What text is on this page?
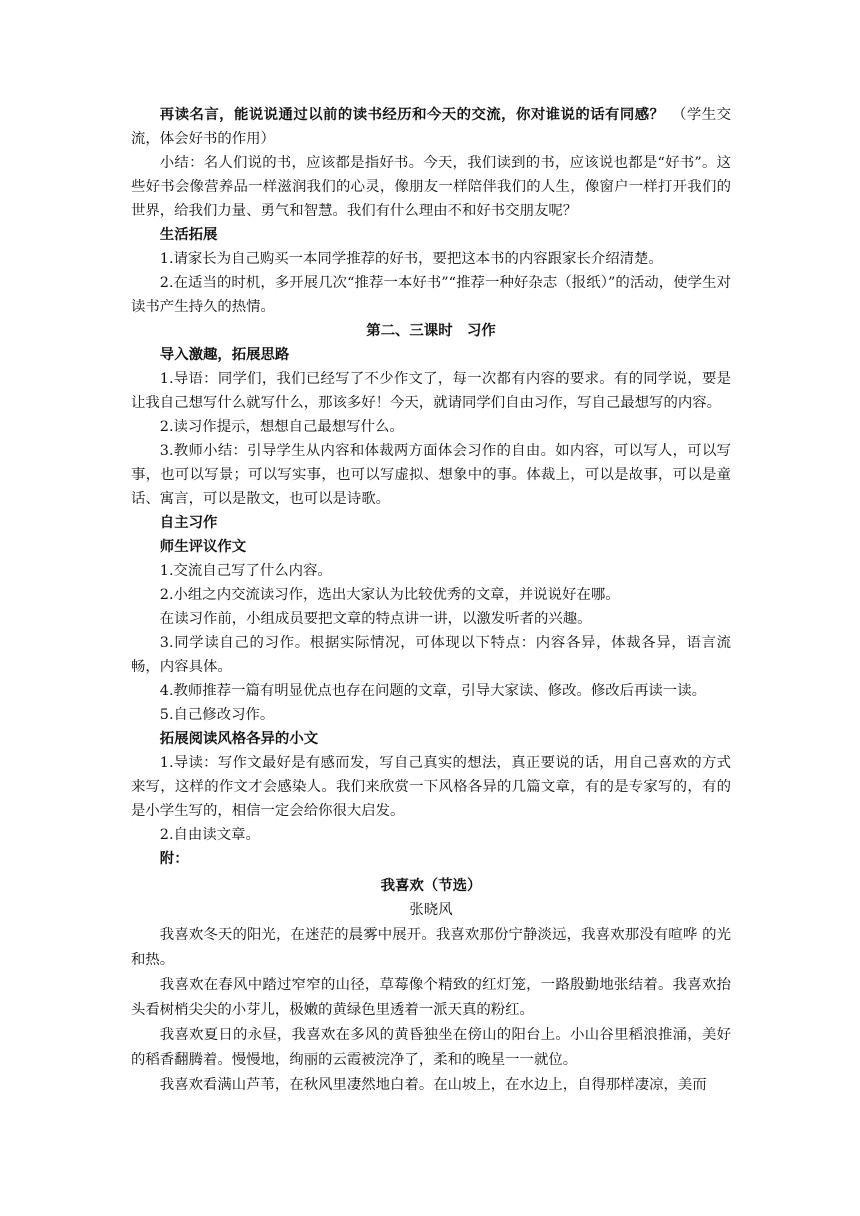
再读名言，能说说通过以前的读书经历和今天的交流，你对谁说的话有同感？　 （学生交流，体会好书的作用）

小结：名人们说的书，应该都是指好书。今天，我们读到的书，应该说也都是“好书”。这些好书会像营养品一样滋润我们的心灵，像朋友一样陪伴我们的人生，像窗户一样打开我们的世界，给我们力量、勇气和智慧。我们有什么理由不和好书交朋友呢？

生活拓展

1.请家长为自己购买一本同学推荐的好书，要把这本书的内容跟家长介绍清楚。

2.在适当的时机，多开展几次“推荐一本好书”“推荐一种好杂志（报纸）”的活动，使学生对读书产生持久的热情。

第二、三课时　习作

导入激趣，拓展思路

1.导语：同学们，我们已经写了不少作文了，每一次都有内容的要求。有的同学说，要是让我自己想写什么就写什么，那该多好！今天，就请同学们自由习作，写自己最想写的内容。

2.读习作提示，想想自己最想写什么。

3.教师小结：引导学生从内容和体裁两方面体会习作的自由。如内容，可以写人，可以写事，也可以写景；可以写实事，也可以写虚拟、想象中的事。体裁上，可以是故事，可以是童话、寓言，可以是散文，也可以是诗歌。

自主习作

师生评议作文

1.交流自己写了什么内容。

2.小组之内交流读习作，选出大家认为比较优秀的文章，并说说好在哪。

在读习作前，小组成员要把文章的特点讲一讲，以激发听者的兴趣。

3.同学读自己的习作。根据实际情况，可体现以下特点：内容各异，体裁各异，语言流畅，内容具体。

4.教师推荐一篇有明显优点也存在问题的文章，引导大家读、修改。修改后再读一读。

5.自己修改习作。

拓展阅读风格各异的小文

1.导读：写作文最好是有感而发，写自己真实的想法，真正要说的话，用自己喜欢的方式来写，这样的作文才会感染人。我们来欣赏一下风格各异的几篇文章，有的是专家写的，有的是小学生写的，相信一定会给你很大启发。

2.自由读文章。

附：

我喜欢（节选）

张晓风

我喜欢冬天的阳光，在迷茫的晨雾中展开。我喜欢那份宁静淡远，我喜欢那没有喧哗 的光和热。

我喜欢在春风中踏过窄窄的山径，草莓像个精致的红灯笼，一路殷勤地张结着。我喜欢抬头看树梢尖尖的小芽儿，极嫩的黄绿色里透着一派天真的粉红。

我喜欢夏日的永昼，我喜欢在多风的黄昏独坐在傍山的阳台上。小山谷里稻浪推涌，美好的稻香翻腾着。慢慢地，绚丽的云霞被浣净了，柔和的晚星一一就位。

我喜欢看满山芦苇，在秋风里凄然地白着。在山坡上，在水边上，自得那样凄凉，美而
